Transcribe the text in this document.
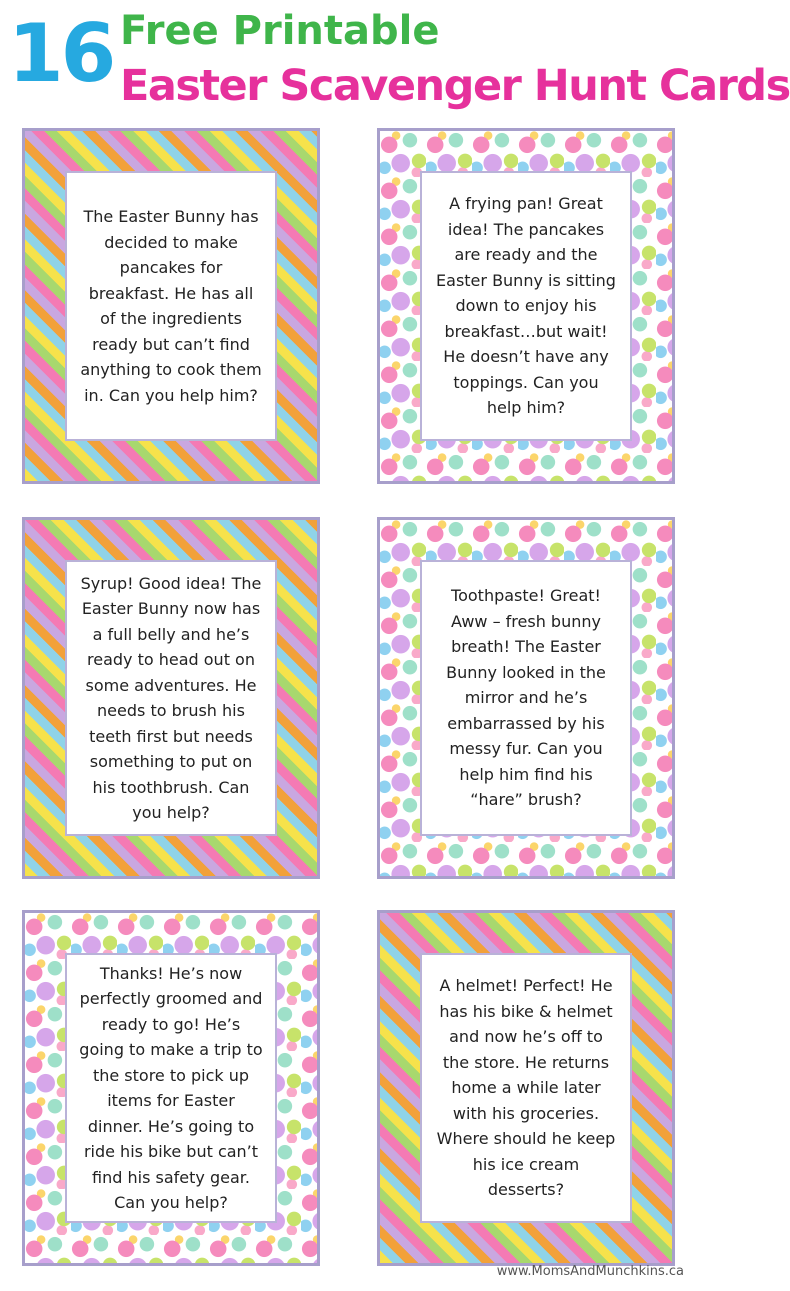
16 Free Printable
Easter Scavenger Hunt Cards

The Easter Bunny has decided to make pancakes for breakfast. He has all of the ingredients ready but can’t find anything to cook them in. Can you help him?

A frying pan! Great idea! The pancakes are ready and the Easter Bunny is sitting down to enjoy his breakfast…but wait! He doesn’t have any toppings. Can you help him?

Syrup! Good idea! The Easter Bunny now has a full belly and he’s ready to head out on some adventures. He needs to brush his teeth first but needs something to put on his toothbrush. Can you help?

Toothpaste! Great! Aww – fresh bunny breath! The Easter Bunny looked in the mirror and he’s embarrassed by his messy fur. Can you help him find his “hare” brush?

Thanks! He’s now perfectly groomed and ready to go! He’s going to make a trip to the store to pick up items for Easter dinner. He’s going to ride his bike but can’t find his safety gear. Can you help?

A helmet! Perfect! He has his bike & helmet and now he’s off to the store. He returns home a while later with his groceries. Where should he keep his ice cream desserts?

www.MomsAndMunchkins.ca
